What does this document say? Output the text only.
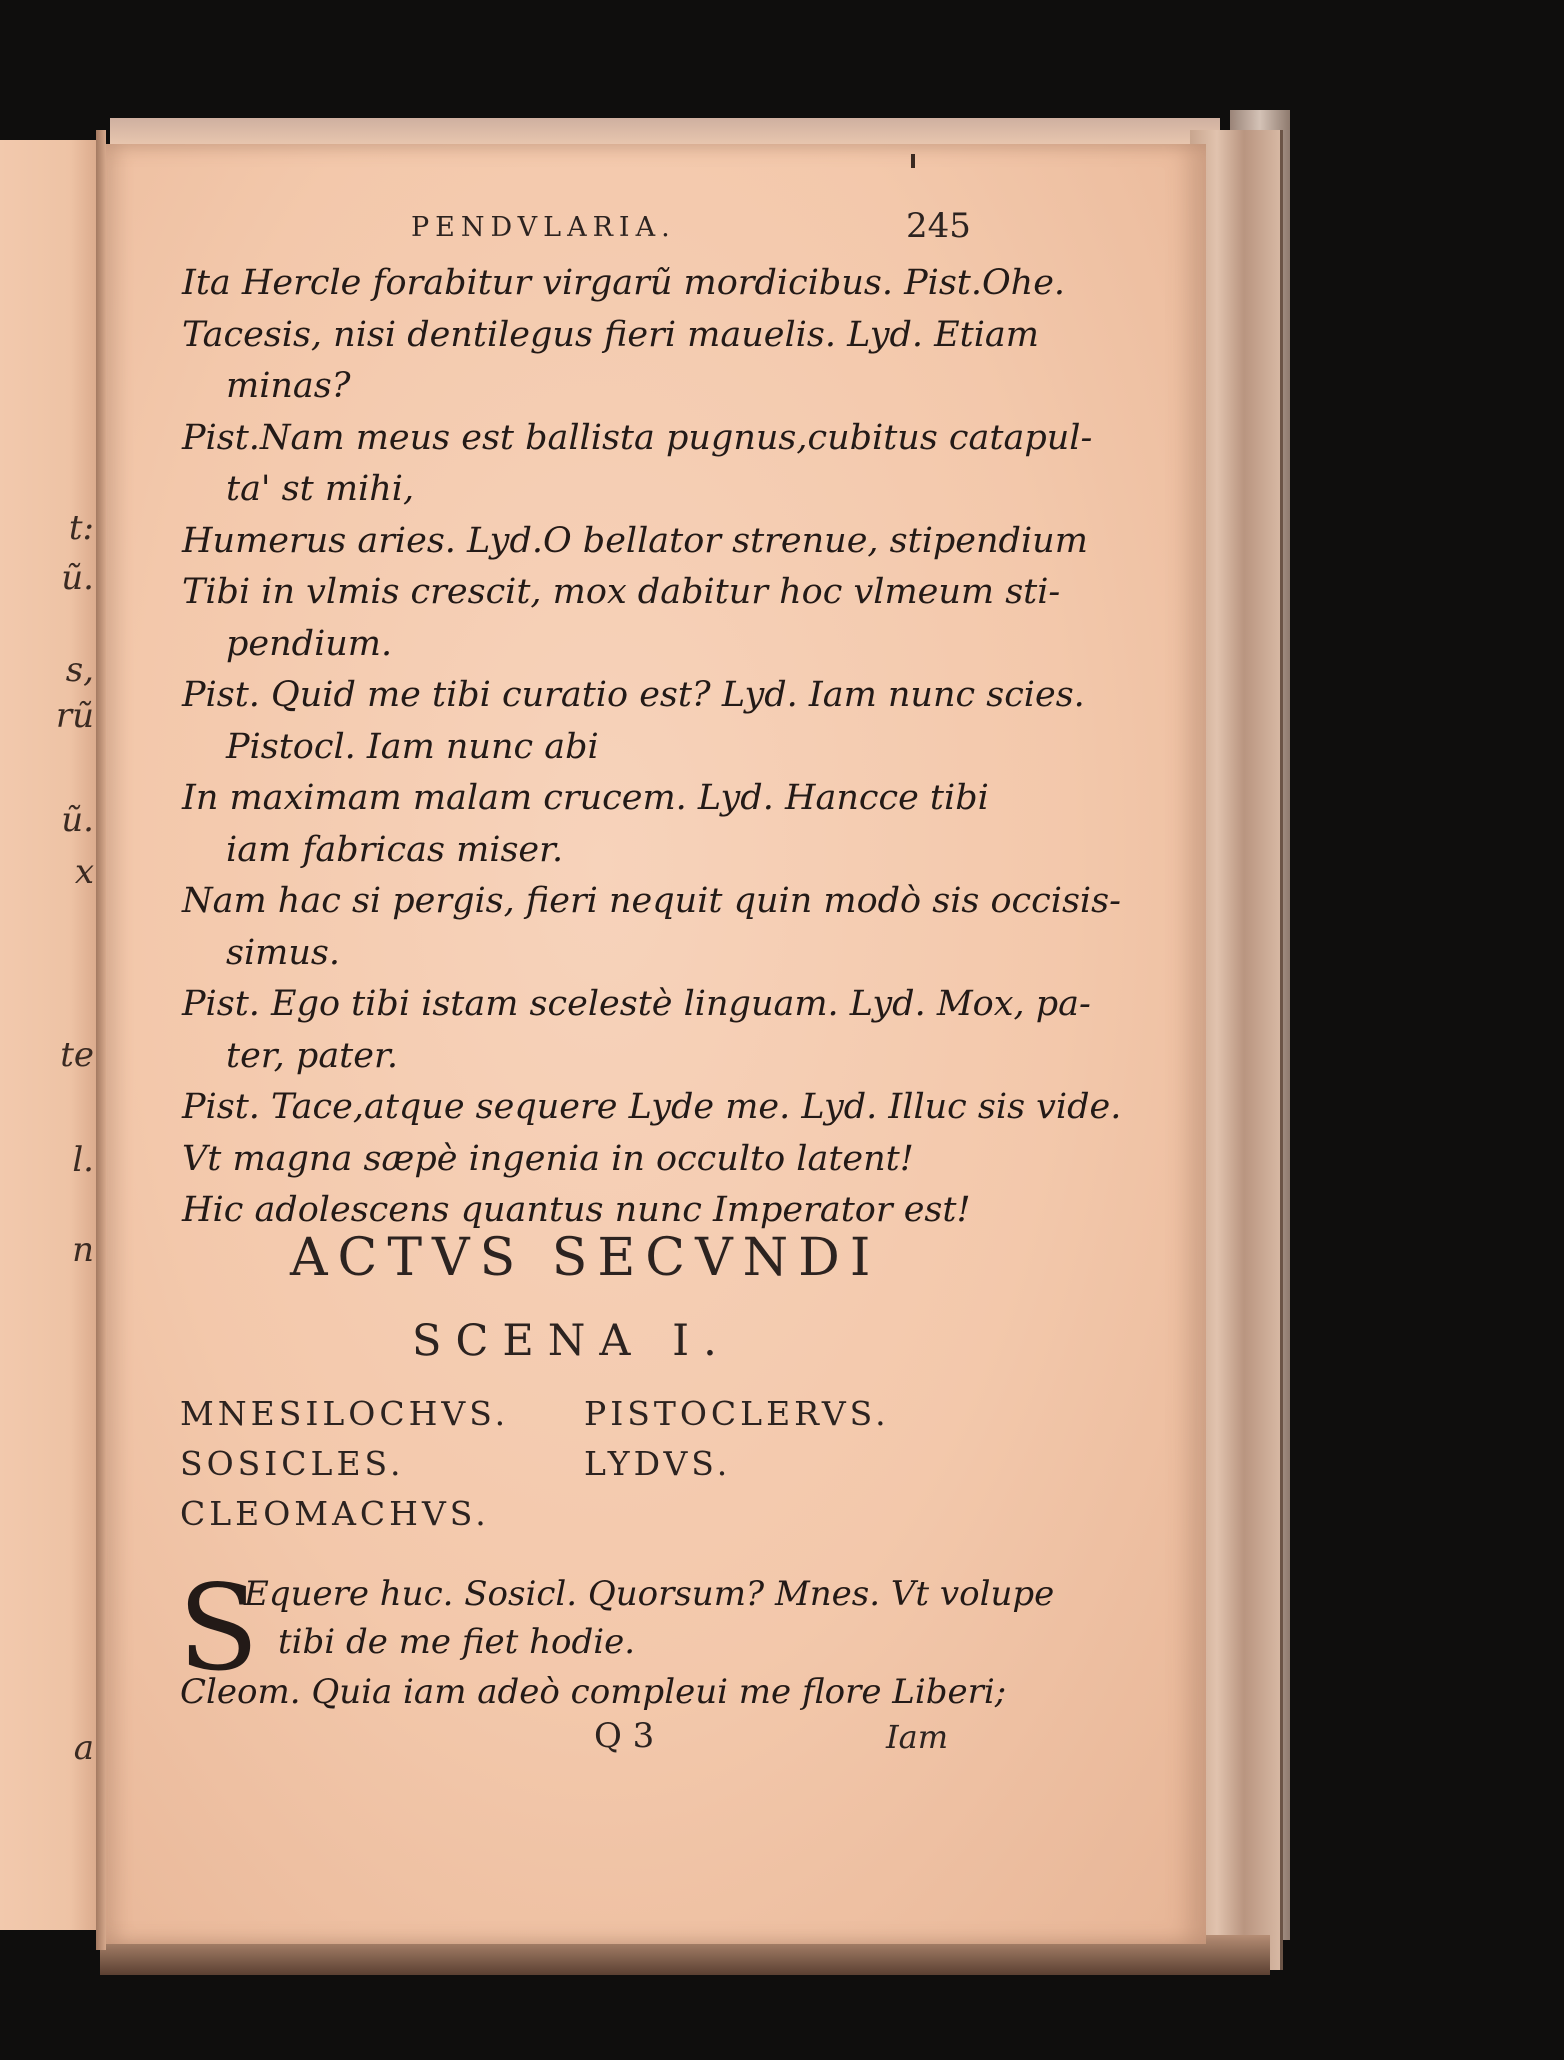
t:
ũ.
s,
rũ
ũ.
x
te
l.
n
a
PENDVLARIA.	245
Ita Hercle forabitur virgarũ mordicibus. Pist.Ohe.
Tacesis, nisi dentilegus fieri mauelis. Lyd. Etiam
minas?
Pist.Nam meus est ballista pugnus,cubitus catapul-
ta' st mihi,
Humerus aries. Lyd.O bellator strenue, stipendium
Tibi in vlmis crescit, mox dabitur hoc vlmeum sti-
pendium.
Pist. Quid me tibi curatio est? Lyd. Iam nunc scies.
Pistocl. Iam nunc abi
In maximam malam crucem. Lyd. Hancce tibi
iam fabricas miser.
Nam hac si pergis, fieri nequit quin modò sis occisis-
simus.
Pist. Ego tibi istam scelestè linguam. Lyd. Mox, pa-
ter, pater.
Pist. Tace,atque sequere Lyde me. Lyd. Illuc sis vide.
Vt magna sæpè ingenia in occulto latent!
Hic adolescens quantus nunc Imperator est!
ACTVS SECVNDI
SCENA I.
MNESILOCHVS.
SOSICLES.
CLEOMACHVS.
PISTOCLERVS.
LYDVS.
S
Equere huc. Sosicl. Quorsum? Mnes. Vt volupe
tibi de me fiet hodie.
Cleom. Quia iam adeò compleui me flore Liberi;
Q 3	Iam
